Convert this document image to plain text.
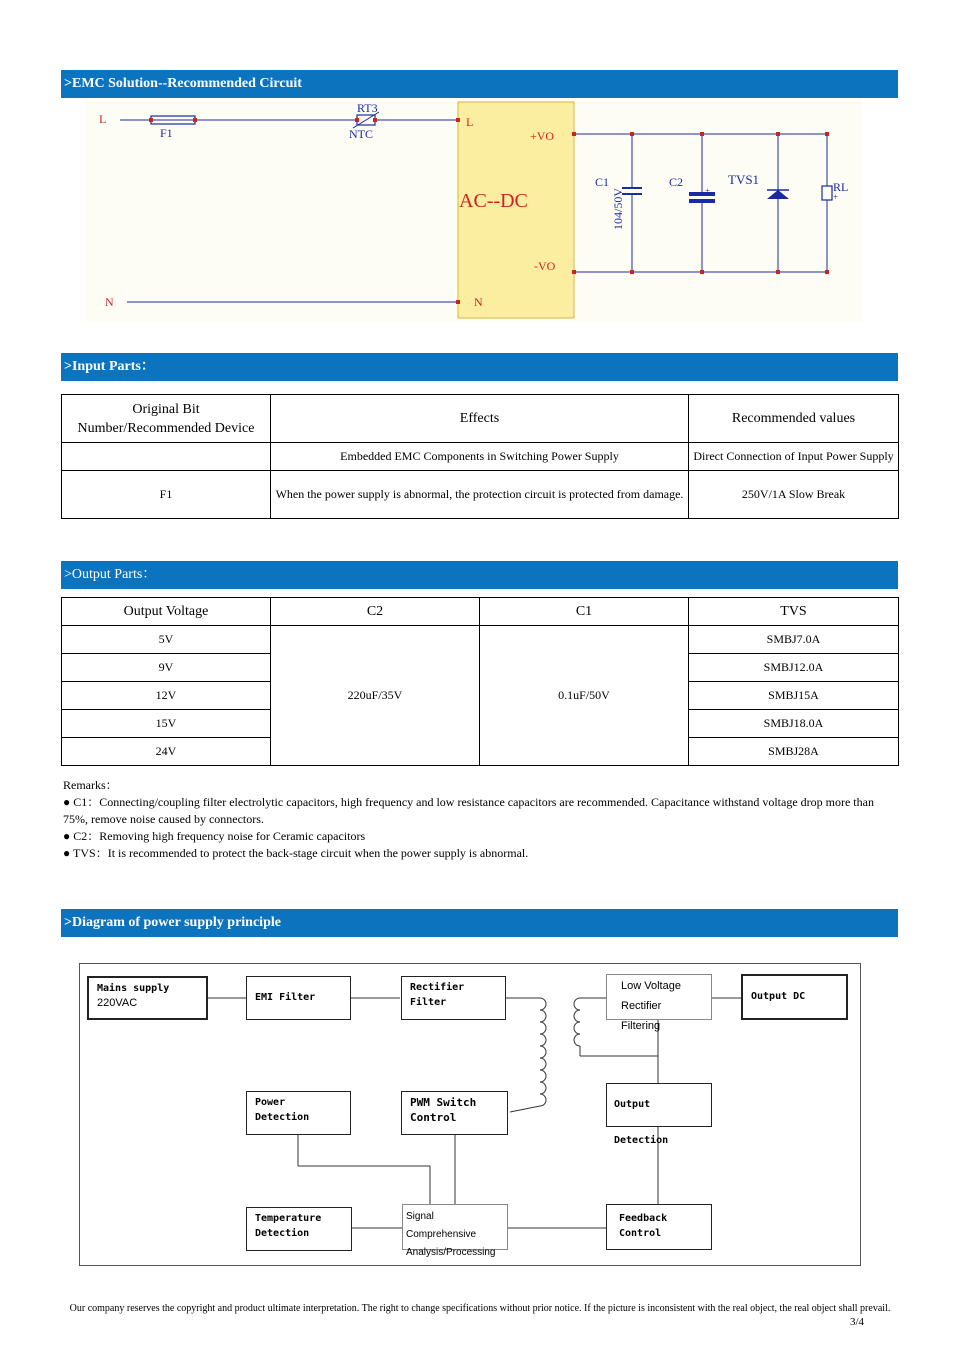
>EMC Solution--Recommended Circuit
L
N
F1
RT3
NTC
L
N
+VO
-VO
C1	C2	TVS1	RL
104/50V
AC--DC	+
+
>Input Parts：
Original Bit Number/Recommended Device	Effects	Recommended values
	Embedded EMC Components in Switching Power Supply	Direct Connection of Input Power Supply
F1	When the power supply is abnormal, the protection circuit is protected from damage.	250V/1A Slow Break
>Output Parts：
Output Voltage	C2	C1	TVS
5V	220uF/35V	0.1uF/50V	SMBJ7.0A
9V			SMBJ12.0A
12V			SMBJ15A
15V			SMBJ18.0A
24V			SMBJ28A

Remarks：

● C1：Connecting/coupling filter electrolytic capacitors, high frequency and low resistance capacitors are recommended. Capacitance withstand voltage drop more than 75%, remove noise caused by connectors.

● C2：Removing high frequency noise for Ceramic capacitors

● TVS：It is recommended to protect the back-stage circuit when the power supply is abnormal.

>Diagram of power supply principle
Mains supply
220VAC	EMI Filter
Rectifier Filter
Low Voltage
Rectifier Filtering
Output DC
Power Detection
PWM Switch Control
Output Detection
Temperature Detection
Signal Comprehensive
Analysis/Processing
Feedback Control
Our company reserves the copyright and product ultimate interpretation. The right to change specifications without prior notice. If the picture is inconsistent with the real object, the real object shall prevail.
3/4
